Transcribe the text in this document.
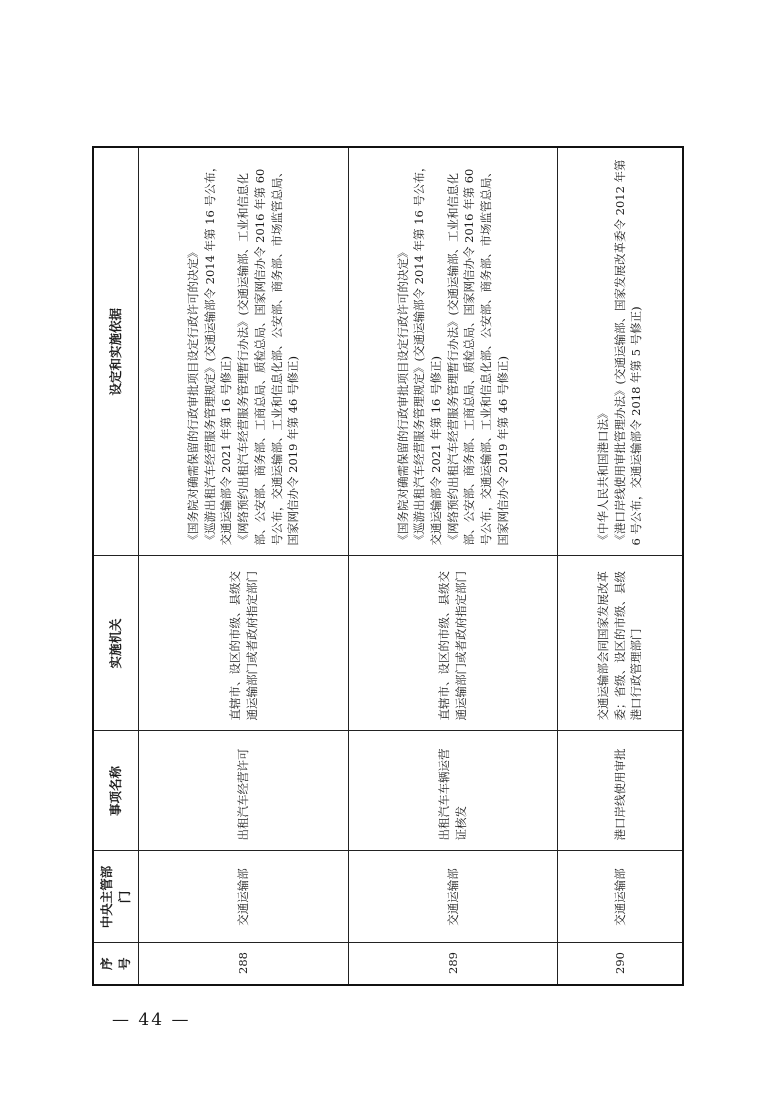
— 44 —
序号	中央主管部门	事项名称	实施机关	设定和实施依据
288	交通运输部	出租汽车经营许可	直辖市、设区的市级、县级交通运输部门或者政府指定部门	《国务院对确需保留的行政审批项目设定行政许可的决定》 《巡游出租汽车经营服务管理规定》(交通运输部令 2014 年第 16 号公布，交通运输部令 2021 年第 16 号修正) 《网络预约出租汽车经营服务管理暂行办法》(交通运输部、工业和信息化部、公安部、商务部、工商总局、质检总局、国家网信办令 2016 年第 60 号公布，交通运输部、工业和信息化部、公安部、商务部、市场监管总局、国家网信办令 2019 年第 46 号修正)

289	交通运输部	出租汽车车辆运营证核发	直辖市、设区的市级、县级交通运输部门或者政府指定部门	《国务院对确需保留的行政审批项目设定行政许可的决定》 《巡游出租汽车经营服务管理规定》(交通运输部令 2014 年第 16 号公布，交通运输部令 2021 年第 16 号修正) 《网络预约出租汽车经营服务管理暂行办法》(交通运输部、工业和信息化部、公安部、商务部、工商总局、质检总局、国家网信办令 2016 年第 60 号公布，交通运输部、工业和信息化部、公安部、商务部、市场监管总局、国家网信办令 2019 年第 46 号修正)

290	交通运输部	港口岸线使用审批	交通运输部会同国家发展改革委；省级、设区的市级、县级港口行政管理部门	《中华人民共和国港口法》 《港口岸线使用审批管理办法》(交通运输部、国家发展改革委令 2012 年第 6 号公布，交通运输部令 2018 年第 5 号修正)
